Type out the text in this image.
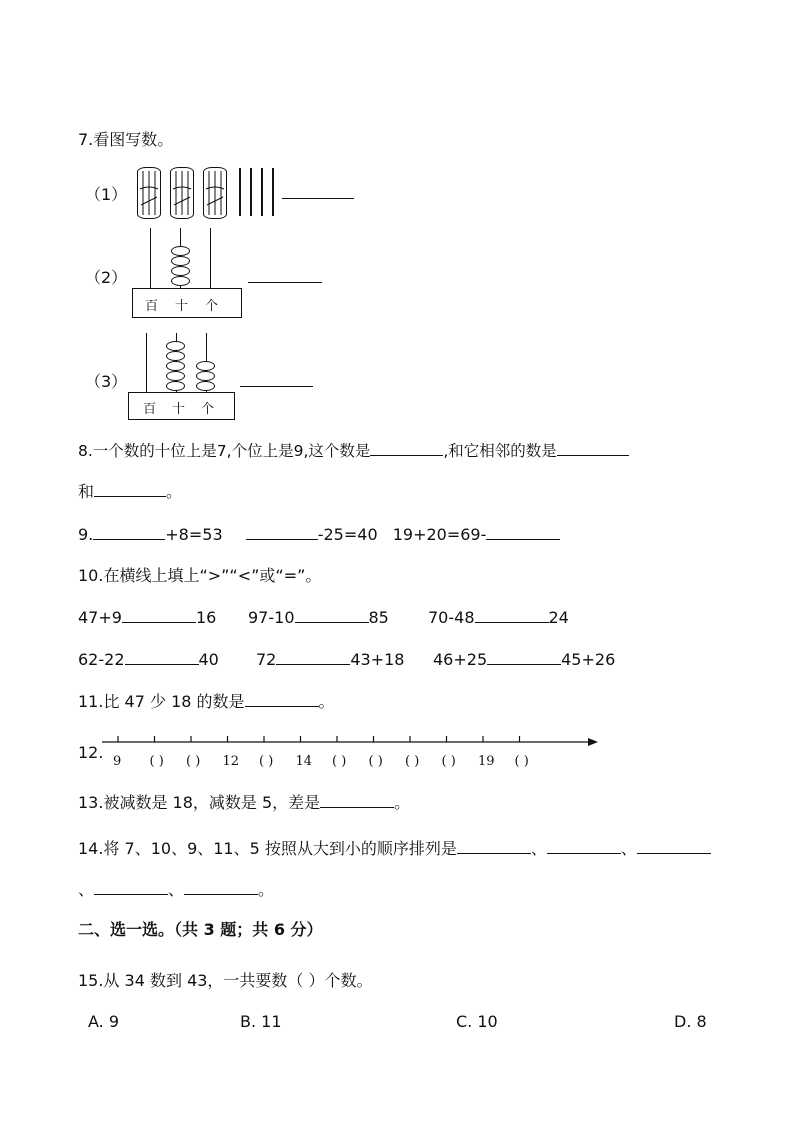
7.看图写数。
（1）
（2）
百 十 个
（3）
百 十 个
8.一个数的十位上是7,个位上是9,这个数是	,和它相邻的数是
和	。
9.	+8=53	-25=40 19+20=69-
10.在横线上填上“>”“<”或“=”。
47+9	16 97-10	85 70-48	24
62-22	40 72	43+18 46+25	45+26
11.比 47 少 18 的数是	。
12. 9 ( ) ( ) 12 ( ) 14 ( ) ( ) ( ) ( ) 19 ( )
13.被减数是 18，减数是 5，差是	。
14.将 7、10、9、11、5 按照从大到小的顺序排列是	、	、
、	、	。
二、选一选。（共 3 题；共 6 分）
15.从 34 数到 43，一共要数（ ）个数。
A. 9	B. 11	C. 10	D. 8
